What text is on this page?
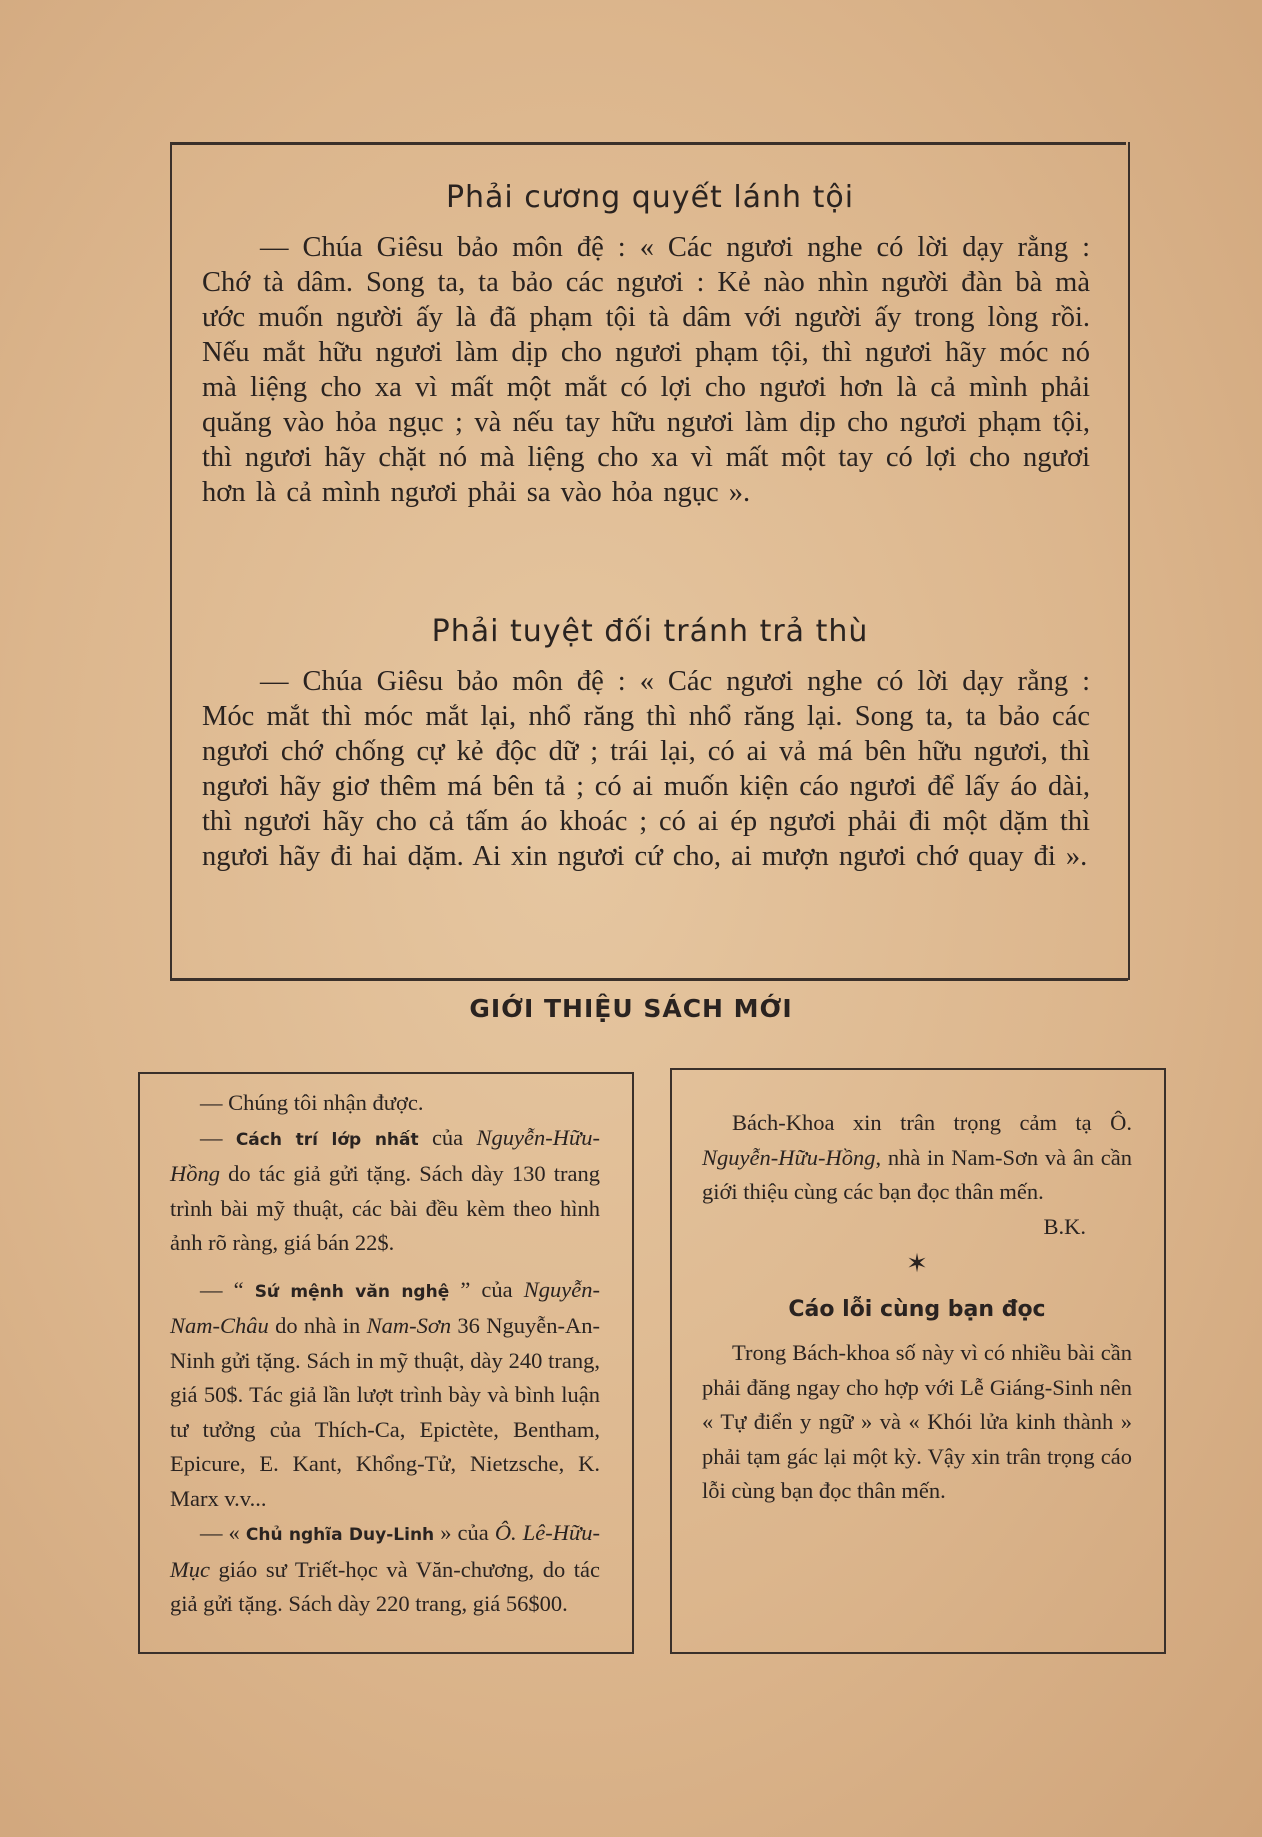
Phải cương quyết lánh tội

— Chúa Giêsu bảo môn đệ : « Các ngươi nghe có lời dạy rằng : Chớ tà dâm. Song ta, ta bảo các ngươi : Kẻ nào nhìn người đàn bà mà ước muốn người ấy là đã phạm tội tà dâm với người ấy trong lòng rồi. Nếu mắt hữu ngươi làm dịp cho ngươi phạm tội, thì ngươi hãy móc nó mà liệng cho xa vì mất một mắt có lợi cho ngươi hơn là cả mình phải quăng vào hỏa ngục ; và nếu tay hữu ngươi làm dịp cho ngươi phạm tội, thì ngươi hãy chặt nó mà liệng cho xa vì mất một tay có lợi cho ngươi hơn là cả mình ngươi phải sa vào hỏa ngục ».

Phải tuyệt đối tránh trả thù

— Chúa Giêsu bảo môn đệ : « Các ngươi nghe có lời dạy rằng : Móc mắt thì móc mắt lại, nhổ răng thì nhổ răng lại. Song ta, ta bảo các ngươi chớ chống cự kẻ độc dữ ; trái lại, có ai vả má bên hữu ngươi, thì ngươi hãy giơ thêm má bên tả ; có ai muốn kiện cáo ngươi để lấy áo dài, thì ngươi hãy cho cả tấm áo khoác ; có ai ép ngươi phải đi một dặm thì ngươi hãy đi hai dặm. Ai xin ngươi cứ cho, ai mượn ngươi chớ quay đi ».

GIỚI THIỆU SÁCH MỚI

— Chúng tôi nhận được.

— Cách trí lớp nhất của Nguyễn-Hữu-Hồng do tác giả gửi tặng. Sách dày 130 trang trình bài mỹ thuật, các bài đều kèm theo hình ảnh rõ ràng, giá bán 22$.

— “ Sứ mệnh văn nghệ ” của Nguyễn-Nam-Châu do nhà in Nam-Sơn 36 Nguyễn-An-Ninh gửi tặng. Sách in mỹ thuật, dày 240 trang, giá 50$. Tác giả lần lượt trình bày và bình luận tư tưởng của Thích-Ca, Epictète, Bentham, Epicure, E. Kant, Khổng-Tử, Nietzsche, K. Marx v.v...

— « Chủ nghĩa Duy-Linh » của Ô. Lê-Hữu-Mục giáo sư Triết-học và Văn-chương, do tác giả gửi tặng. Sách dày 220 trang, giá 56$00.

Bách-Khoa xin trân trọng cảm tạ Ô. Nguyễn-Hữu-Hồng, nhà in Nam-Sơn và ân cần giới thiệu cùng các bạn đọc thân mến.

B.K.

✶

Cáo lỗi cùng bạn đọc

Trong Bách-khoa số này vì có nhiều bài cần phải đăng ngay cho hợp với Lễ Giáng-Sinh nên « Tự điển y ngữ » và « Khói lửa kinh thành » phải tạm gác lại một kỳ. Vậy xin trân trọng cáo lỗi cùng bạn đọc thân mến.
